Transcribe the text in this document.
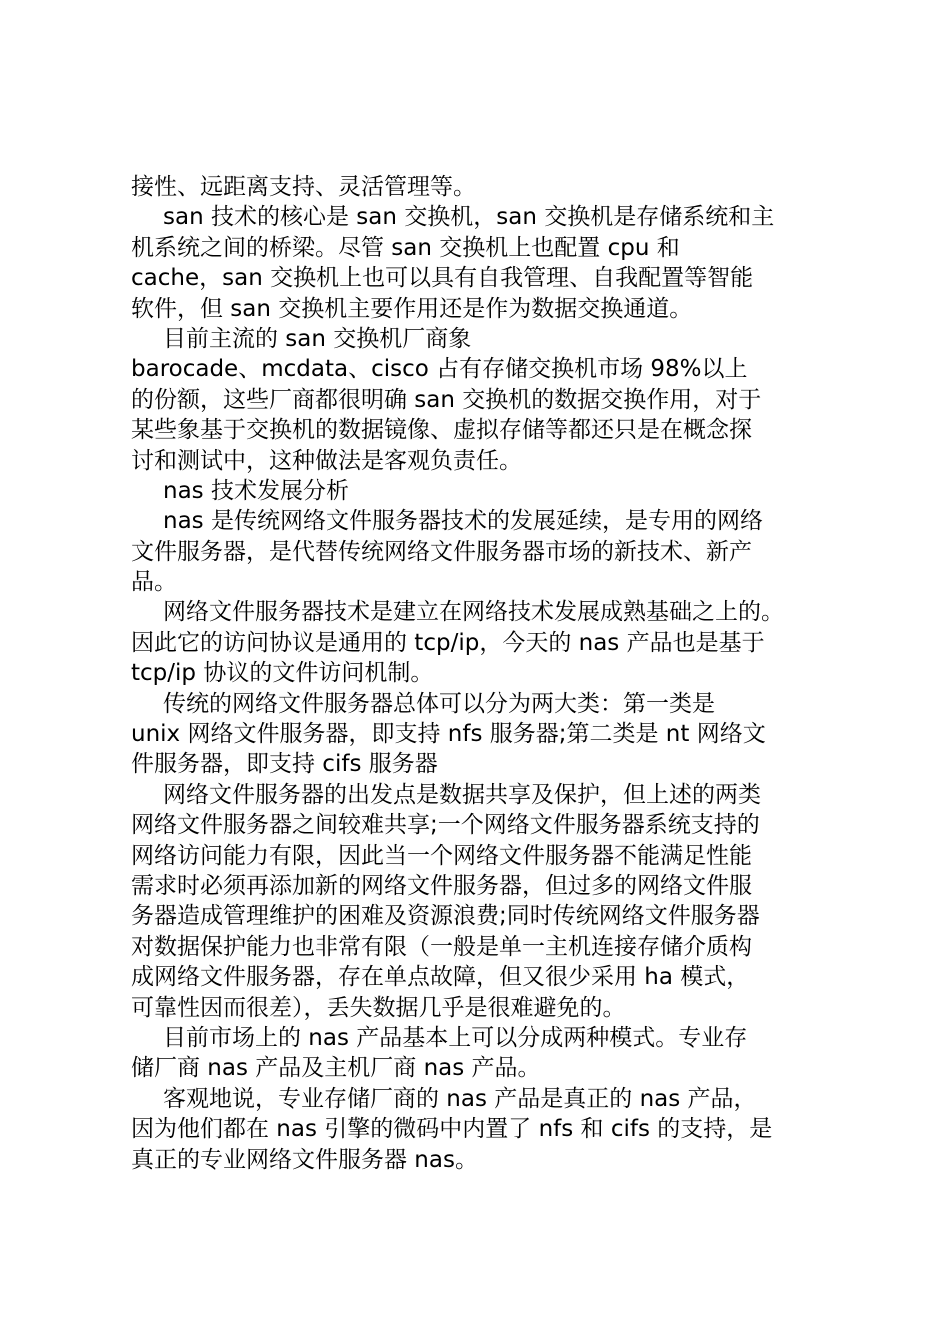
接性、远距离支持、灵活管理等。
san 技术的核心是 san 交换机，san 交换机是存储系统和主
机系统之间的桥梁。尽管 san 交换机上也配置 cpu 和
cache，san 交换机上也可以具有自我管理、自我配置等智能
软件，但 san 交换机主要作用还是作为数据交换通道。
目前主流的 san 交换机厂商象
barocade、mcdata、cisco 占有存储交换机市场 98%以上
的份额，这些厂商都很明确 san 交换机的数据交换作用，对于
某些象基于交换机的数据镜像、虚拟存储等都还只是在概念探
讨和测试中，这种做法是客观负责任。
nas 技术发展分析
nas 是传统网络文件服务器技术的发展延续，是专用的网络
文件服务器，是代替传统网络文件服务器市场的新技术、新产
品。
网络文件服务器技术是建立在网络技术发展成熟基础之上的。
因此它的访问协议是通用的 tcp/ip，今天的 nas 产品也是基于
tcp/ip 协议的文件访问机制。
传统的网络文件服务器总体可以分为两大类：第一类是
unix 网络文件服务器，即支持 nfs 服务器;第二类是 nt 网络文
件服务器，即支持 cifs 服务器
网络文件服务器的出发点是数据共享及保护，但上述的两类
网络文件服务器之间较难共享;一个网络文件服务器系统支持的
网络访问能力有限，因此当一个网络文件服务器不能满足性能
需求时必须再添加新的网络文件服务器，但过多的网络文件服
务器造成管理维护的困难及资源浪费;同时传统网络文件服务器
对数据保护能力也非常有限（一般是单一主机连接存储介质构
成网络文件服务器，存在单点故障，但又很少采用 ha 模式，
可靠性因而很差），丢失数据几乎是很难避免的。
目前市场上的 nas 产品基本上可以分成两种模式。专业存
储厂商 nas 产品及主机厂商 nas 产品。
客观地说，专业存储厂商的 nas 产品是真正的 nas 产品，
因为他们都在 nas 引擎的微码中内置了 nfs 和 cifs 的支持，是
真正的专业网络文件服务器 nas。
